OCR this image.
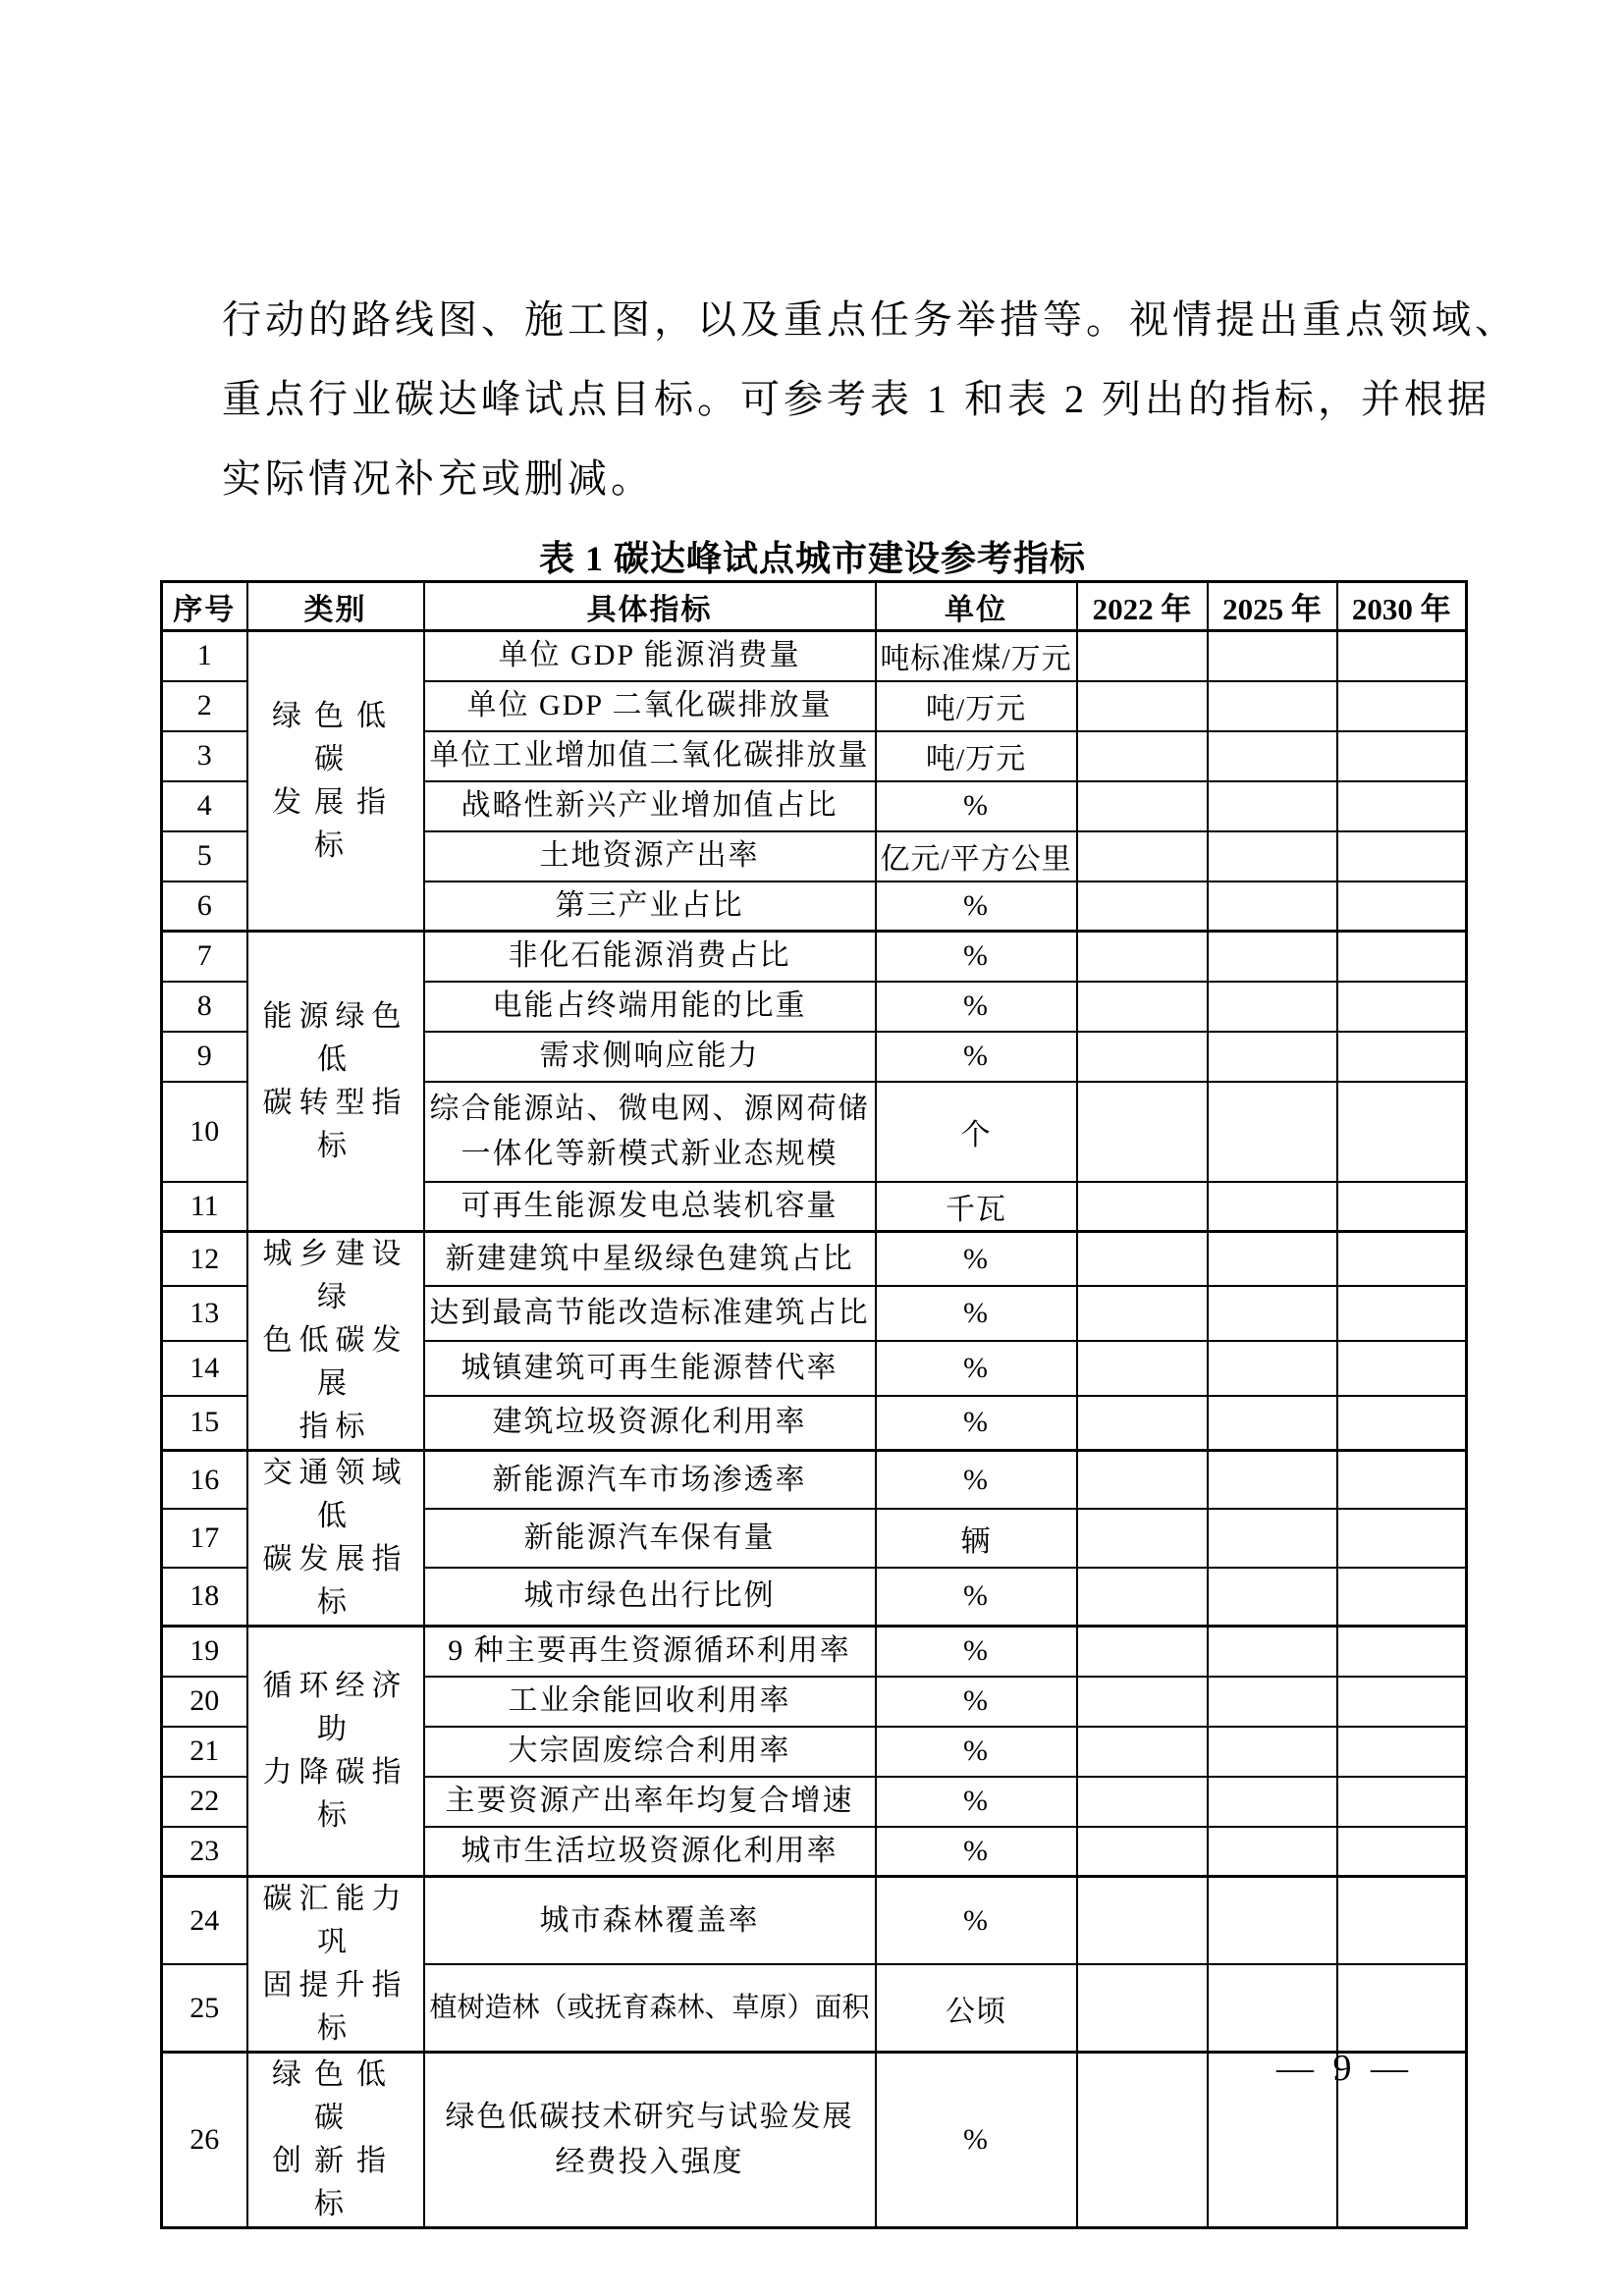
行动的路线图、施工图，以及重点任务举措等。视情提出重点领域、
重点行业碳达峰试点目标。可参考表 1 和表 2 列出的指标，并根据
实际情况补充或删减。
表 1 碳达峰试点城市建设参考指标
序号	类别	具体指标	单位	2022 年	2025 年	2030 年
1	绿色低碳
发展指标	单位 GDP 能源消费量	吨标准煤/万元			
2		单位 GDP 二氧化碳排放量	吨/万元			
3		单位工业增加值二氧化碳排放量	吨/万元			
4		战略性新兴产业增加值占比	%			
5		土地资源产出率	亿元/平方公里			
6		第三产业占比	%			
7	能源绿色低
碳转型指标	非化石能源消费占比	%			
8		电能占终端用能的比重	%			
9		需求侧响应能力	%			
10		综合能源站、微电网、源网荷储
一体化等新模式新业态规模	个			
11		可再生能源发电总装机容量	千瓦			
12	城乡建设绿
色低碳发展
指标	新建建筑中星级绿色建筑占比	%			
13		达到最高节能改造标准建筑占比	%			
14		城镇建筑可再生能源替代率	%			
15		建筑垃圾资源化利用率	%			
16	交通领域低
碳发展指标	新能源汽车市场渗透率	%			
17		新能源汽车保有量	辆			
18		城市绿色出行比例	%			
19	循环经济助
力降碳指标	9 种主要再生资源循环利用率	%			
20		工业余能回收利用率	%			
21		大宗固废综合利用率	%			
22		主要资源产出率年均复合增速	%			
23		城市生活垃圾资源化利用率	%			
24	碳汇能力巩
固提升指标	城市森林覆盖率	%			
25		植树造林（或抚育森林、草原）面积	公顷			
26	绿色低碳
创新指标	绿色低碳技术研究与试验发展
经费投入强度	%			
— 9 —
